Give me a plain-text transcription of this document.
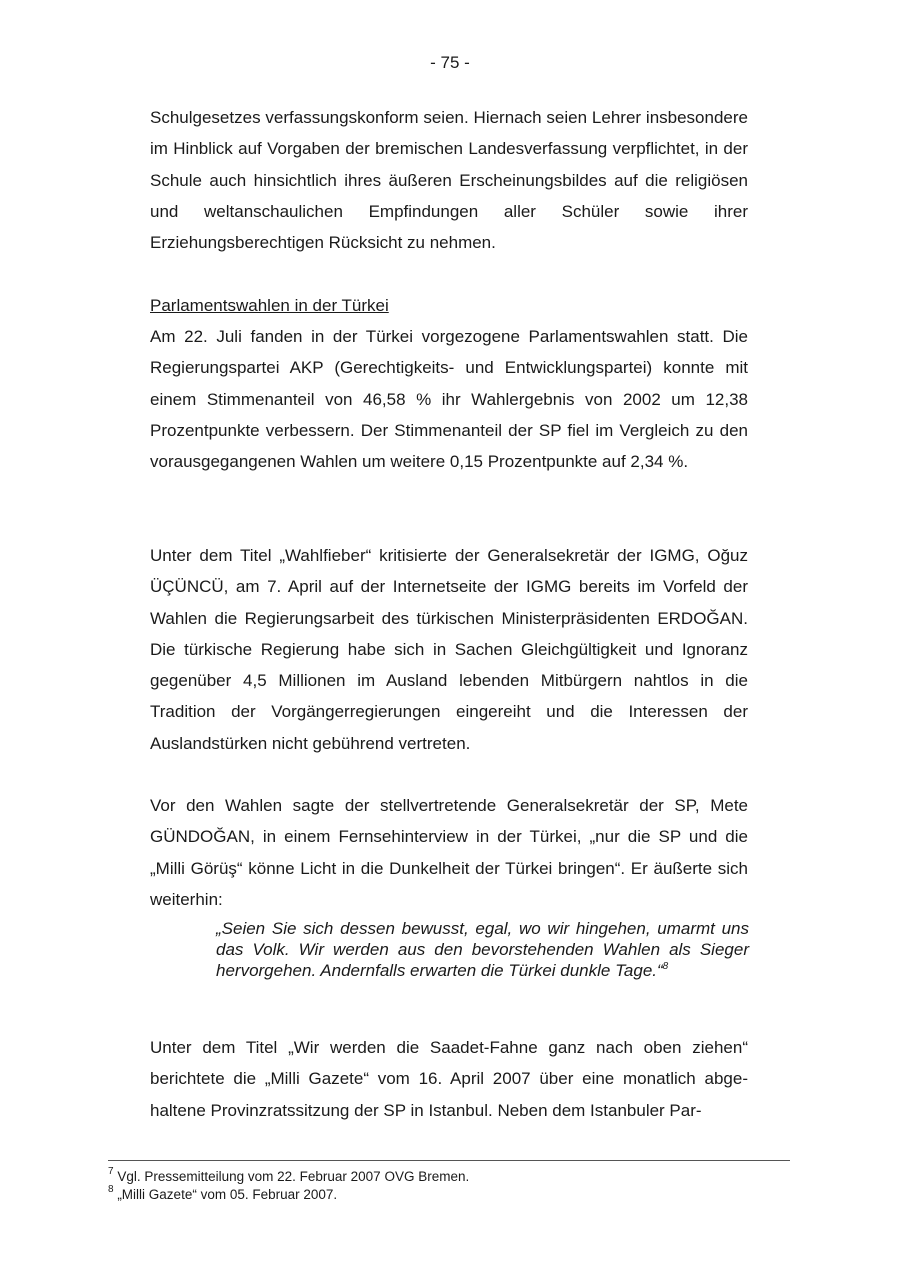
- 75 -

Schulgesetzes verfassungskonform seien. Hiernach seien Lehrer insbesondere im Hinblick auf Vorgaben der bremischen Landesverfassung verpflichtet, in der Schule auch hinsichtlich ihres äußeren Erscheinungsbildes auf die religiösen und weltanschaulichen Empfindungen aller Schüler sowie ihrer Erziehungsberechtigen Rücksicht zu nehmen.

Parlamentswahlen in der Türkei

Am 22. Juli fanden in der Türkei vorgezogene Parlamentswahlen statt. Die Regierungspartei AKP (Gerechtigkeits- und Entwicklungspartei) konnte mit einem Stimmenanteil von 46,58 % ihr Wahlergebnis von 2002 um 12,38 Prozentpunkte verbessern. Der Stimmenanteil der SP fiel im Vergleich zu den vorausgegangenen Wahlen um weitere 0,15 Prozentpunkte auf 2,34 %.

Unter dem Titel „Wahlfieber“ kritisierte der Generalsekretär der IGMG, Oğuz ÜÇÜNCÜ, am 7. April auf der Internetseite der IGMG bereits im Vorfeld der Wahlen die Regierungsarbeit des türkischen Ministerpräsidenten ERDOĞAN. Die türkische Regierung habe sich in Sachen Gleichgültigkeit und Ignoranz gegenüber 4,5 Millionen im Ausland lebenden Mitbürgern nahtlos in die Tradition der Vorgängerregierungen eingereiht und die Interessen der Auslandstürken nicht gebührend vertreten.

Vor den Wahlen sagte der stellvertretende Generalsekretär der SP, Mete GÜNDOĞAN, in einem Fernsehinterview in der Türkei, „nur die SP und die „Milli Görüş“ könne Licht in die Dunkelheit der Türkei bringen“. Er äußerte sich weiterhin:

„Seien Sie sich dessen bewusst, egal, wo wir hingehen, umarmt uns das Volk. Wir werden aus den bevorstehenden Wahlen als Sieger hervorgehen. Andernfalls erwarten die Türkei dunkle Tage.“$^8$

Unter dem Titel „Wir werden die Saadet-Fahne ganz nach oben ziehen“ berichtete die „Milli Gazete“ vom 16. April 2007 über eine monatlich abgehaltene Provinzratssitzung der SP in Istanbul. Neben dem Istanbuler Par-

$^7$ Vgl. Pressemitteilung vom 22. Februar 2007 OVG Bremen.

$^8$ „Milli Gazete“ vom 05. Februar 2007.
